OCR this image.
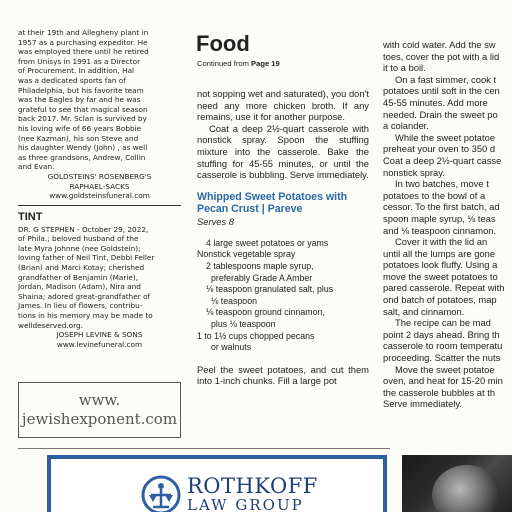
at their 19th and Allegheny plant in
1957 as a purchasing expeditor. He
was employed there until he retired
from Unisys in 1991 as a Director
of Procurement. In addition, Hal
was a dedicated sports fan of
Philadelphia, but his favorite team
was the Eagles by far and he was
grateful to see that magical season
back 2017. Mr. Sclan is survived by
his loving wife of 66 years Bobbie
(nee Kazman), his son Steve and
his daughter Wendy (John) , as well
as three grandsons, Andrew, Collin
and Evan.
GOLDSTEINS' ROSENBERG'S
RAPHAEL-SACKS
www.goldsteinsfuneral.com
TINT
DR. G STEPHEN - October 29, 2022,
of Phila.; beloved husband of the
late Myra Johnne (nee Goldstein);
loving father of Neil Tint, Debbi Feller
(Brian) and Marci Kotay; cherished
grandfather of Benjamin (Marie),
Jordan, Madison (Adam), Nira and
Shaina; adored great-grandfather of
James. In lieu of flowers, contribu-
tions in his memory may be made to
welldeserved.org.
JOSEPH LEVINE & SONS
www.levinefuneral.com
www.
jewishexponent.com
Food
Continued from Page 19

not sopping wet and saturated), you don't need any more chicken broth. If any remains, use it for another purpose.

Coat a deep 2½-quart casserole with nonstick spray. Spoon the stuffing mixture into the casserole. Bake the stuffing for 45-55 minutes, or until the casserole is bubbling. Serve immediately.

Whipped Sweet Potatoes with Pecan Crust | Pareve
Serves 8
4 large sweet potatoes or yams
Nonstick vegetable spray
2 tablespoons maple syrup,
preferably Grade A Amber
⅛ teaspoon granulated salt, plus
⅛ teaspoon
⅛ teaspoon ground cinnamon,
plus ⅛ teaspoon
1 to 1½ cups chopped pecans
or walnuts

Peel the sweet potatoes, and cut them into 1-inch chunks. Fill a large pot

with cold water. Add the sw
toes, cover the pot with a lid
it to a boil.
On a fast simmer, cook t
potatoes until soft in the cen
45-55 minutes. Add more
needed. Drain the sweet po
a colander.
While the sweet potatoe
preheat your oven to 350 d
Coat a deep 2½-quart casse
nonstick spray.
In two batches, move t
potatoes to the bowl of a
cessor. To the first batch, ad
spoon maple syrup, ⅛ teas
and ⅛ teaspoon cinnamon.
Cover it with the lid an
until all the lumps are gone
potatoes look fluffy. Using a
move the sweet potatoes to
pared casserole. Repeat with
ond batch of potatoes, map
salt, and cinnamon.
The recipe can be mad
point 2 days ahead. Bring th
casserole to room temperatu
proceeding. Scatter the nuts
Move the sweet potatoe
oven, and heat for 15-20 min
the casserole bubbles at th
Serve immediately.
ROTHKOFF
LAW GROUP
